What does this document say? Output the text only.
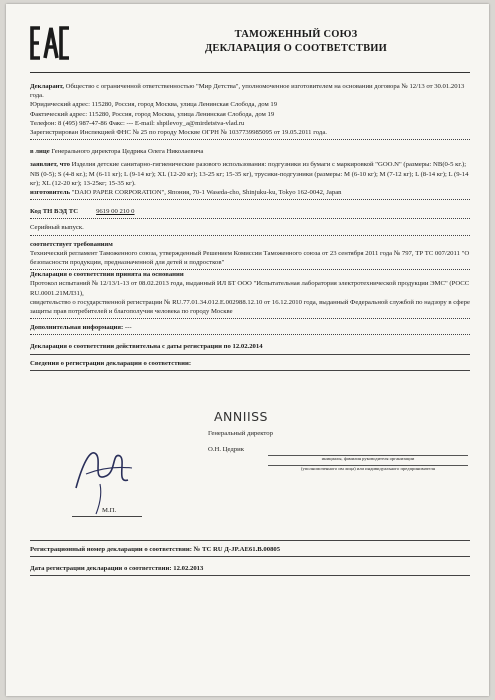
ТАМОЖЕННЫЙ СОЮЗ
ДЕКЛАРАЦИЯ О СООТВЕТСТВИИ

Декларант, Общество с ограниченной ответственностью "Мир Детства", уполномоченное изготовителем на основании договора № 12/13 от 30.01.2013 года.

Юридический адрес: 115280, Россия, город Москва, улица Ленинская Слобода, дом 19

Фактический адрес: 115280, Россия, город Москва, улица Ленинская Слобода, дом 19

Телефон: 8 (495) 987-47-86 Факс: --- E-mail: shpilevoy_a@mirdetstva-vlad.ru

Зарегистрирован Инспекцией ФНС № 25 по городу Москве ОГРН № 1037739985095 от 19.05.2011 года.

в лице Генерального директора Цедрика Олега Николаевича

заявляет, что Изделия детские санитарно-гигиенические разового использования: подгузники из бумаги с маркировкой "GOO.N" (размеры: NB(0-5 кг.); NB (0-5); S (4-8 кг.); M (6-11 кг); L (9-14 кг); XL (12-20 кг); 13-25 кг; 15-35 кг), трусики-подгузники (размеры: M (6-10 кг); M (7-12 кг); L (8-14 кг); L (9-14 кг); XL (12-20 кг); 13-25кг; 15-35 кг).

изготовитель "DAIO PAPER CORPORATION", Япония, 70-1 Waseda-cho, Shinjuku-ku, Tokyo 162-0042, Japan

Код ТН ВЭД ТС	9619 00 210 0

Серийный выпуск.

соответствует требованиям

Технический регламент Таможенного союза, утвержденный Решением Комиссии Таможенного союза от 23 сентября 2011 года № 797, ТР ТС 007/2011 "О безопасности продукции, предназначенной для детей и подростков"

Декларация о соответствии принята на основании

Протокол испытаний № 12/13/1-13 от 08.02.2013 года, выданный ИЛ БТ ООО "Испытательная лаборатория электротехнической продукции ЭМС" (РОСС RU.0001.21МЛ31),

свидетельство о государственной регистрации № RU.77.01.34.012.E.002988.12.10 от 16.12.2010 года, выданный Федеральной службой по надзору в сфере защиты прав потребителей и благополучия человека по городу Москве

Дополнительная информация: ---

Декларация о соответствии действительна с даты регистрации по 12.02.2014

Сведения о регистрации декларации о соответствии:

ANNIISS
Генеральный директор
О.Н. Цедрик
инициалы, фамилия руководителя организации
(уполномоченного им лица) или индивидуального предпринимателя
М.П.

Регистрационный номер декларации о соответствии: № ТС RU Д-JP.AE61.B.00805

Дата регистрации декларации о соответствии: 12.02.2013
